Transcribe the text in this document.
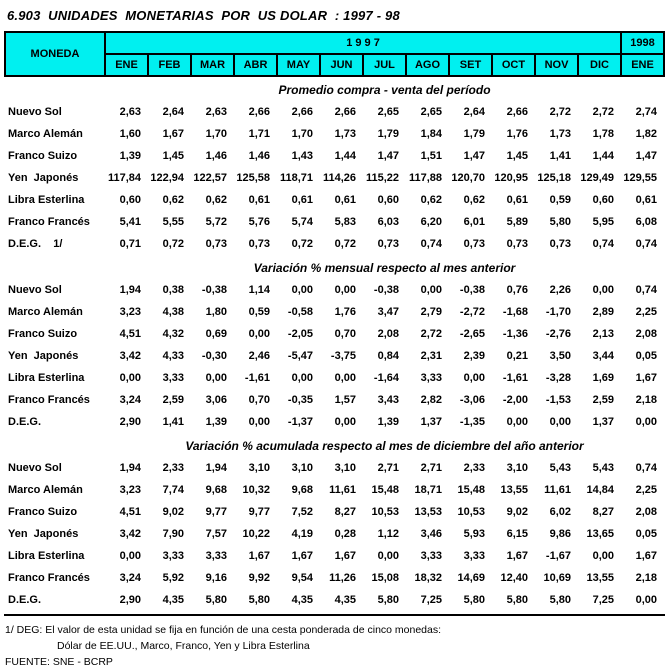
6.903  UNIDADES  MONETARIAS  POR  US DOLAR  : 1997 - 98
MONEDA	1 9 9 7												1998
	ENE	FEB	MAR	ABR	MAY	JUN	JUL	AGO	SET	OCT	NOV	DIC	ENE
	Promedio compra - venta del período												
Nuevo Sol	2,63	2,64	2,63	2,66	2,66	2,66	2,65	2,65	2,64	2,66	2,72	2,72	2,74
Marco Alemán	1,60	1,67	1,70	1,71	1,70	1,73	1,79	1,84	1,79	1,76	1,73	1,78	1,82
Franco Suizo	1,39	1,45	1,46	1,46	1,43	1,44	1,47	1,51	1,47	1,45	1,41	1,44	1,47
Yen  Japonés	117,84	122,94	122,57	125,58	118,71	114,26	115,22	117,88	120,70	120,95	125,18	129,49	129,55
Libra Esterlina	0,60	0,62	0,62	0,61	0,61	0,61	0,60	0,62	0,62	0,61	0,59	0,60	0,61
Franco Francés	5,41	5,55	5,72	5,76	5,74	5,83	6,03	6,20	6,01	5,89	5,80	5,95	6,08
D.E.G.    1/	0,71	0,72	0,73	0,73	0,72	0,72	0,73	0,74	0,73	0,73	0,73	0,74	0,74
	Variación % mensual respecto al mes anterior												
Nuevo Sol	1,94	0,38	-0,38	1,14	0,00	0,00	-0,38	0,00	-0,38	0,76	2,26	0,00	0,74
Marco Alemán	3,23	4,38	1,80	0,59	-0,58	1,76	3,47	2,79	-2,72	-1,68	-1,70	2,89	2,25
Franco Suizo	4,51	4,32	0,69	0,00	-2,05	0,70	2,08	2,72	-2,65	-1,36	-2,76	2,13	2,08
Yen  Japonés	3,42	4,33	-0,30	2,46	-5,47	-3,75	0,84	2,31	2,39	0,21	3,50	3,44	0,05
Libra Esterlina	0,00	3,33	0,00	-1,61	0,00	0,00	-1,64	3,33	0,00	-1,61	-3,28	1,69	1,67
Franco Francés	3,24	2,59	3,06	0,70	-0,35	1,57	3,43	2,82	-3,06	-2,00	-1,53	2,59	2,18
D.E.G.	2,90	1,41	1,39	0,00	-1,37	0,00	1,39	1,37	-1,35	0,00	0,00	1,37	0,00
	Variación % acumulada respecto al mes de diciembre del año anterior												
Nuevo Sol	1,94	2,33	1,94	3,10	3,10	3,10	2,71	2,71	2,33	3,10	5,43	5,43	0,74
Marco Alemán	3,23	7,74	9,68	10,32	9,68	11,61	15,48	18,71	15,48	13,55	11,61	14,84	2,25
Franco Suizo	4,51	9,02	9,77	9,77	7,52	8,27	10,53	13,53	10,53	9,02	6,02	8,27	2,08
Yen  Japonés	3,42	7,90	7,57	10,22	4,19	0,28	1,12	3,46	5,93	6,15	9,86	13,65	0,05
Libra Esterlina	0,00	3,33	3,33	1,67	1,67	1,67	0,00	3,33	3,33	1,67	-1,67	0,00	1,67
Franco Francés	3,24	5,92	9,16	9,92	9,54	11,26	15,08	18,32	14,69	12,40	10,69	13,55	2,18
D.E.G.	2,90	4,35	5,80	5,80	4,35	4,35	5,80	7,25	5,80	5,80	5,80	7,25	0,00
1/ DEG: El valor de esta unidad se fija en función de una cesta ponderada de cinco monedas:
Dólar de EE.UU., Marco, Franco, Yen y Libra Esterlina
FUENTE: SNE - BCRP
